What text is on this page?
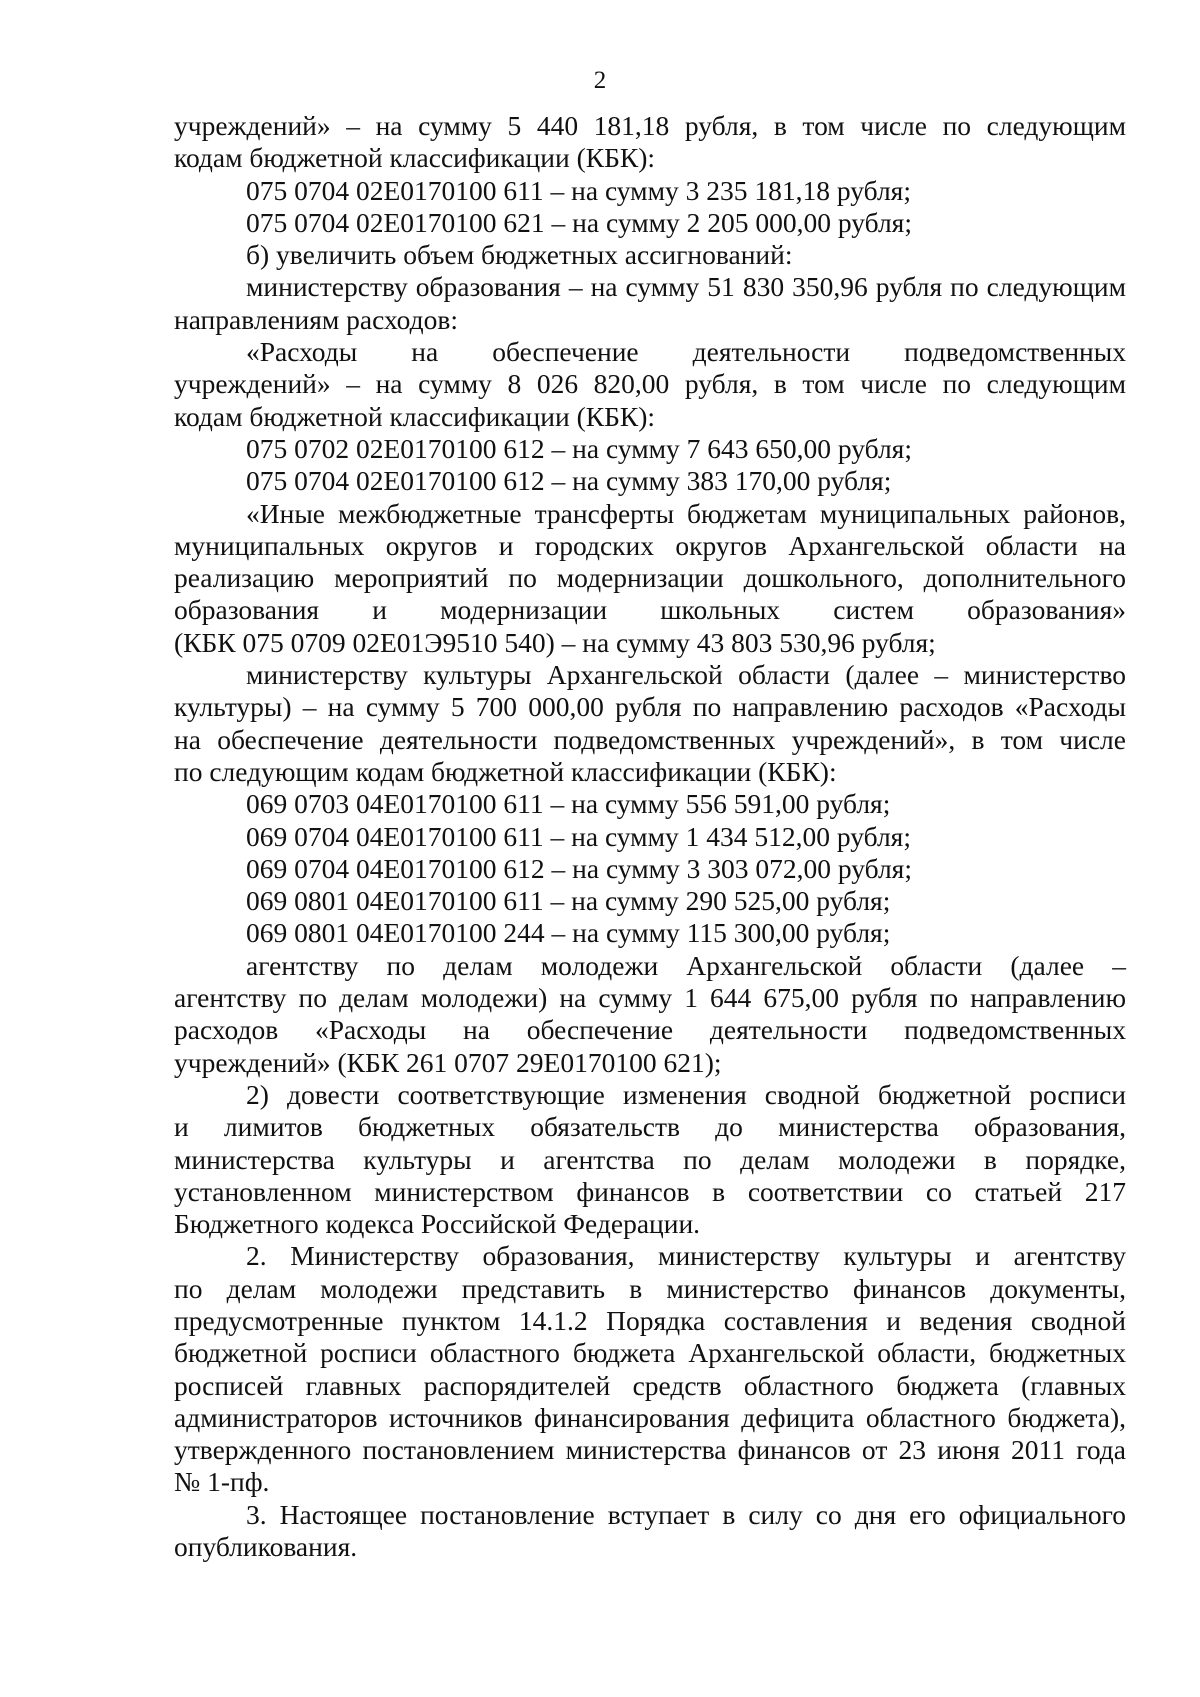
2

учреждений» – на сумму 5 440 181,18 рубля, в том числе по следующим

кодам бюджетной классификации (КБК):

075 0704 02Е0170100 611 – на сумму 3 235 181,18 рубля;

075 0704 02Е0170100 621 – на сумму 2 205 000,00 рубля;

б) увеличить объем бюджетных ассигнований:

министерству образования – на сумму 51 830 350,96 рубля по следующим

направлениям расходов:

«Расходы на обеспечение деятельности подведомственных

учреждений» – на сумму 8 026 820,00 рубля, в том числе по следующим

кодам бюджетной классификации (КБК):

075 0702 02Е0170100 612 – на сумму 7 643 650,00 рубля;

075 0704 02Е0170100 612 – на сумму 383 170,00 рубля;

«Иные межбюджетные трансферты бюджетам муниципальных районов,

муниципальных округов и городских округов Архангельской области на

реализацию мероприятий по модернизации дошкольного, дополнительного

образования и модернизации школьных систем образования»

(КБК 075 0709 02Е01Э9510 540) – на сумму 43 803 530,96 рубля;

министерству культуры Архангельской области (далее – министерство

культуры) – на сумму 5 700 000,00 рубля по направлению расходов «Расходы

на обеспечение деятельности подведомственных учреждений», в том числе

по следующим кодам бюджетной классификации (КБК):

069 0703 04Е0170100 611 – на сумму 556 591,00 рубля;

069 0704 04Е0170100 611 – на сумму 1 434 512,00 рубля;

069 0704 04Е0170100 612 – на сумму 3 303 072,00 рубля;

069 0801 04Е0170100 611 – на сумму 290 525,00 рубля;

069 0801 04Е0170100 244 – на сумму 115 300,00 рубля;

агентству по делам молодежи Архангельской области (далее –

агентству по делам молодежи) на сумму 1 644 675,00 рубля по направлению

расходов «Расходы на обеспечение деятельности подведомственных

учреждений» (КБК 261 0707 29Е0170100 621);

2) довести соответствующие изменения сводной бюджетной росписи

и лимитов бюджетных обязательств до министерства образования,

министерства культуры и агентства по делам молодежи в порядке,

установленном министерством финансов в соответствии со статьей 217

Бюджетного кодекса Российской Федерации.

2. Министерству образования, министерству культуры и агентству

по делам молодежи представить в министерство финансов документы,

предусмотренные пунктом 14.1.2 Порядка составления и ведения сводной

бюджетной росписи областного бюджета Архангельской области, бюджетных

росписей главных распорядителей средств областного бюджета (главных

администраторов источников финансирования дефицита областного бюджета),

утвержденного постановлением министерства финансов от 23 июня 2011 года

№ 1-пф.

3. Настоящее постановление вступает в силу со дня его официального

опубликования.
